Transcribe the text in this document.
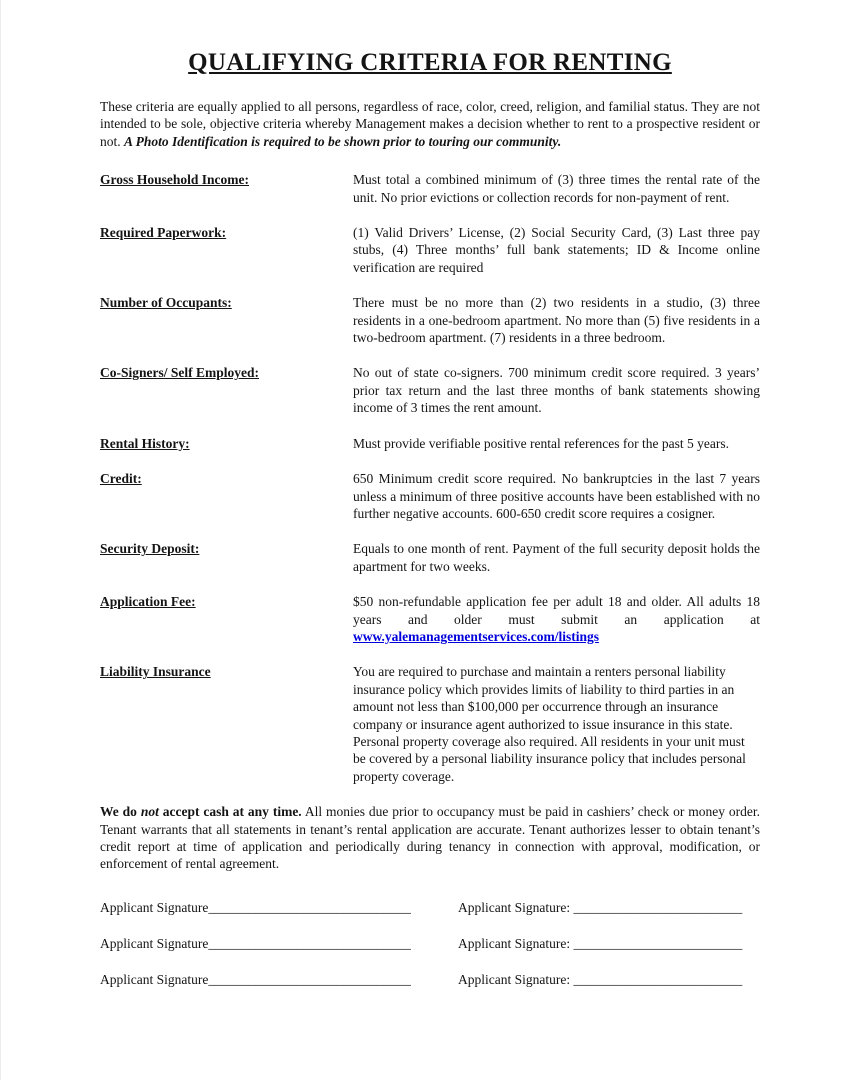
QUALIFYING CRITERIA FOR RENTING

These criteria are equally applied to all persons, regardless of race, color, creed, religion, and familial status. They are not intended to be sole, objective criteria whereby Management makes a decision whether to rent to a prospective resident or not. A Photo Identification is required to be shown prior to touring our community.

Gross Household Income:	Must total a combined minimum of (3) three times the rental rate of the unit. No prior evictions or collection records for non-payment of rent.
Required Paperwork:	(1) Valid Drivers’ License, (2) Social Security Card, (3) Last three pay stubs, (4) Three months’ full bank statements; ID & Income online verification are required
Number of Occupants:	There must be no more than (2) two residents in a studio, (3) three residents in a one-bedroom apartment. No more than (5) five residents in a two-bedroom apartment. (7) residents in a three bedroom.
Co-Signers/ Self Employed:	No out of state co-signers. 700 minimum credit score required. 3 years’ prior tax return and the last three months of bank statements showing income of 3 times the rent amount.
Rental History:	Must provide verifiable positive rental references for the past 5 years.
Credit:	650 Minimum credit score required. No bankruptcies in the last 7 years unless a minimum of three positive accounts have been established with no further negative accounts. 600-650 credit score requires a cosigner.
Security Deposit:	Equals to one month of rent. Payment of the full security deposit holds the apartment for two weeks.
Application Fee:	$50 non-refundable application fee per adult 18 and older. All adults 18 years and older must submit an application at www.yalemanagementservices.com/listings
Liability Insurance	You are required to purchase and maintain a renters personal liability insurance policy which provides limits of liability to third parties in an amount not less than $100,000 per occurrence through an insurance company or insurance agent authorized to issue insurance in this state. Personal property coverage also required. All residents in your unit must be covered by a personal liability insurance policy that includes personal property coverage.

We do not accept cash at any time. All monies due prior to occupancy must be paid in cashiers’ check or money order. Tenant warrants that all statements in tenant’s rental application are accurate. Tenant authorizes lesser to obtain tenant’s credit report at time of application and periodically during tenancy in connection with approval, modification, or enforcement of rental agreement.

Applicant Signature______________________________	Applicant Signature: _________________________
Applicant Signature______________________________	Applicant Signature: _________________________
Applicant Signature______________________________	Applicant Signature: _________________________
